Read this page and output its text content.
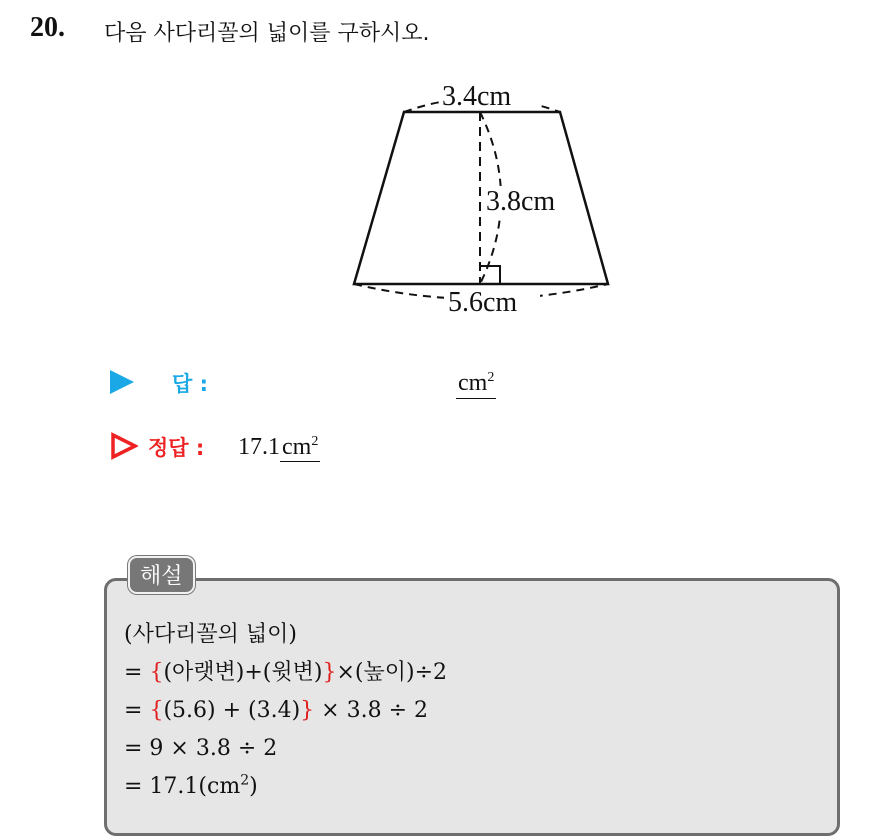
20. 다음 사다리꼴의 넓이를 구하시오.
3.4cm
3.8cm
5.6cm
답 :	$cm^2$
정답 : $17.1cm^2$
해설
(사다리꼴의 넓이)
= {(아랫변)+(윗변)}×(높이)÷2
= {(5.6) + (3.4)} × 3.8 ÷ 2
= 9 × 3.8 ÷ 2
= $17.1(cm^2)$
